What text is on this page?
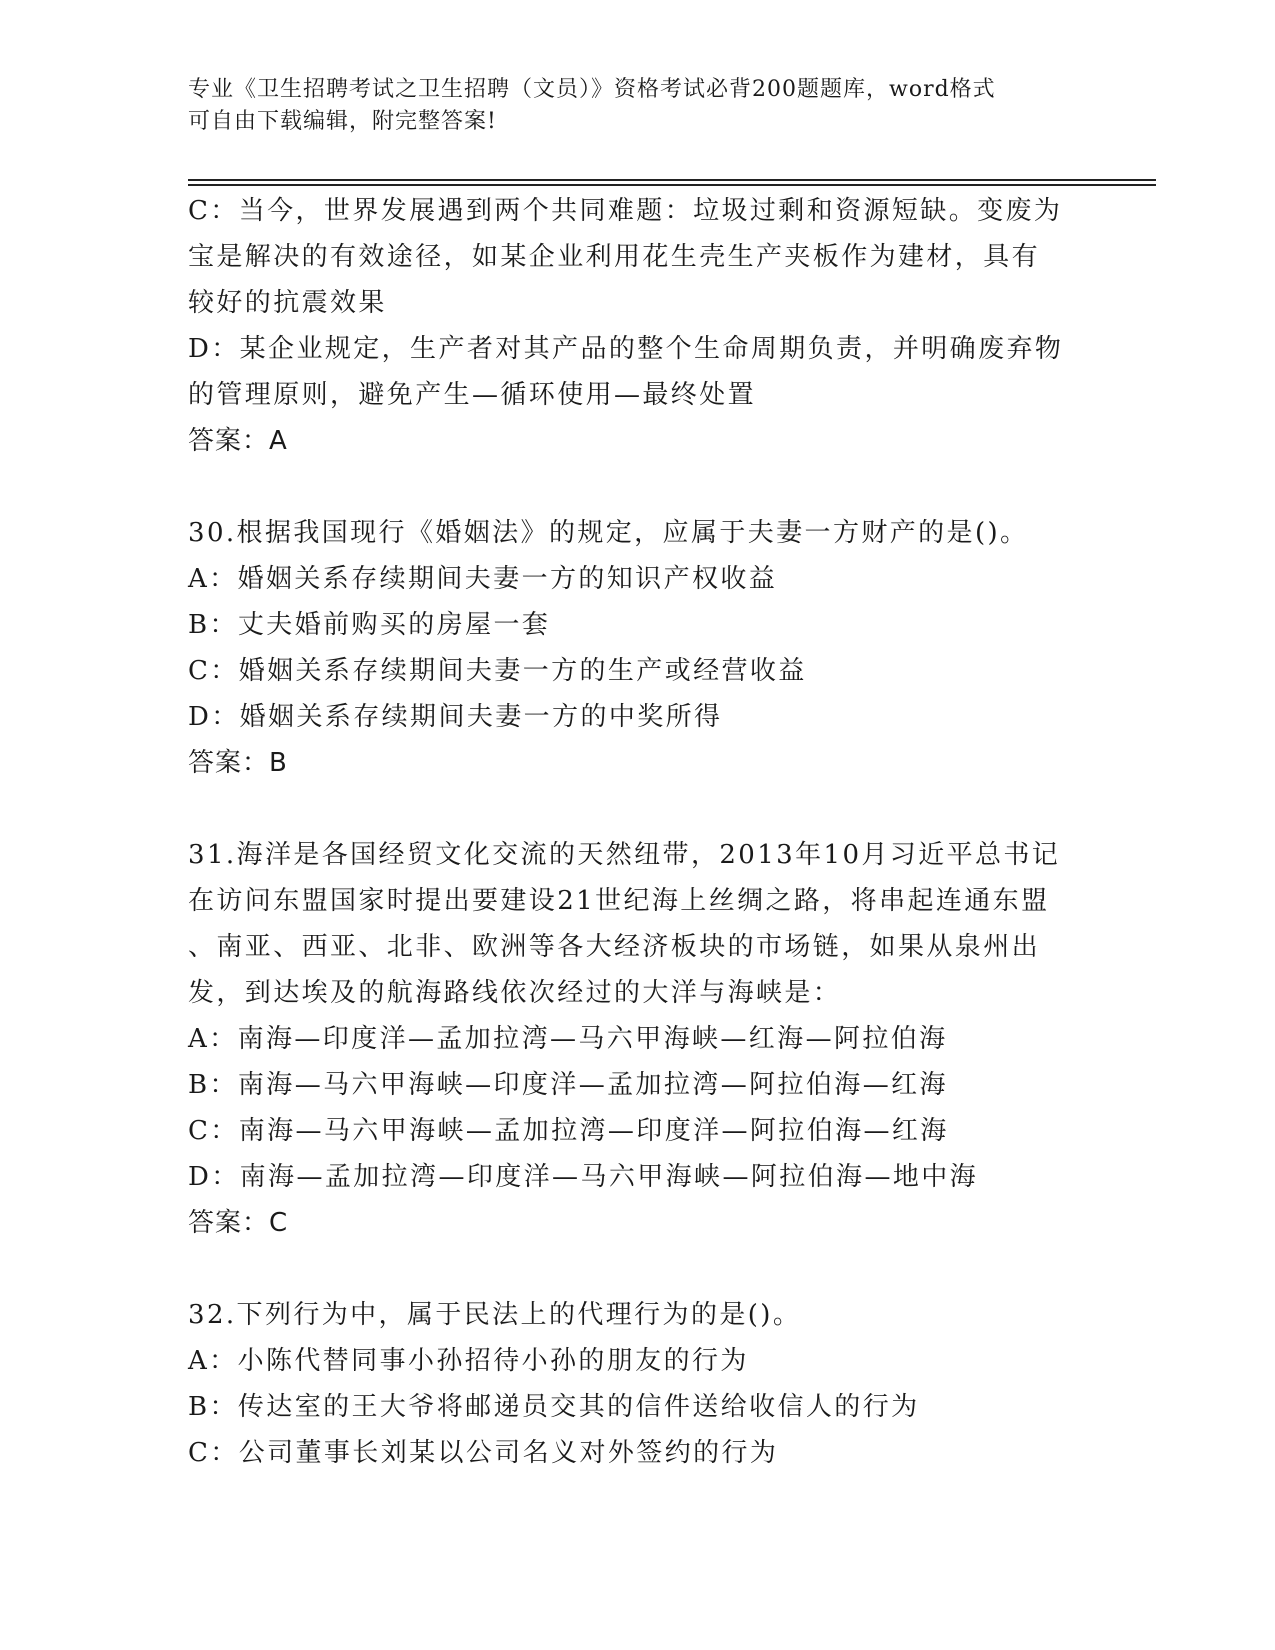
专业《卫生招聘考试之卫生招聘（文员）》资格考试必背200题题库，word格式

可自由下载编辑，附完整答案!

C：当今，世界发展遇到两个共同难题：垃圾过剩和资源短缺。变废为

宝是解决的有效途径，如某企业利用花生壳生产夹板作为建材，具有

较好的抗震效果

D：某企业规定，生产者对其产品的整个生命周期负责，并明确废弃物

的管理原则，避免产生—循环使用—最终处置

答案：A

30.根据我国现行《婚姻法》的规定，应属于夫妻一方财产的是()。

A：婚姻关系存续期间夫妻一方的知识产权收益

B：丈夫婚前购买的房屋一套

C：婚姻关系存续期间夫妻一方的生产或经营收益

D：婚姻关系存续期间夫妻一方的中奖所得

答案：B

31.海洋是各国经贸文化交流的天然纽带，2013年10月习近平总书记

在访问东盟国家时提出要建设21世纪海上丝绸之路，将串起连通东盟

、南亚、西亚、北非、欧洲等各大经济板块的市场链，如果从泉州出

发，到达埃及的航海路线依次经过的大洋与海峡是：

A：南海—印度洋—孟加拉湾—马六甲海峡—红海—阿拉伯海

B：南海—马六甲海峡—印度洋—孟加拉湾—阿拉伯海—红海

C：南海—马六甲海峡—孟加拉湾—印度洋—阿拉伯海—红海

D：南海—孟加拉湾—印度洋—马六甲海峡—阿拉伯海—地中海

答案：C

32.下列行为中，属于民法上的代理行为的是()。

A：小陈代替同事小孙招待小孙的朋友的行为

B：传达室的王大爷将邮递员交其的信件送给收信人的行为

C：公司董事长刘某以公司名义对外签约的行为
